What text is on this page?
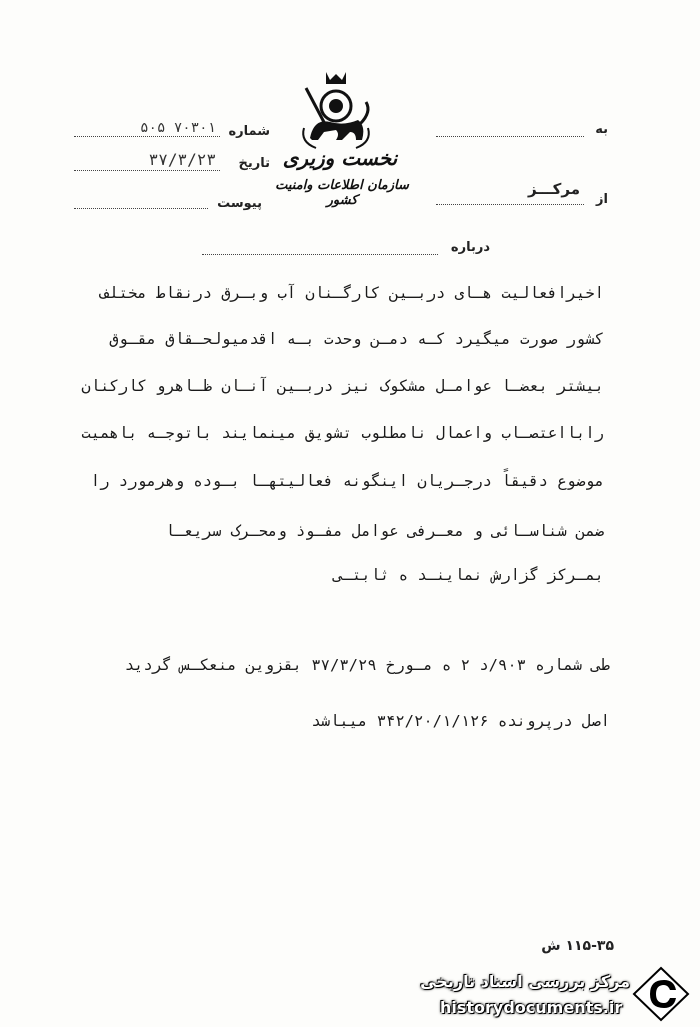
نخست وزیری
سازمان اطلاعات وامنیت کشور
به
از
مرکـــز
شماره
۷۰۳۰۱ ۵۰۵
تاریخ
۳۷/۳/۲۳
پیوست
درباره
اخیرافعالیت هـای دربـین کارگـنان آب وبـرق درنقاط مختلف
کشور صورت میگیرد کـه دمـن وحدت بـه اقدمیولحـقاق مقـوق
بیشتر بعضـا عوامـل مشکوک نیز دربـین آنـان ظـاهرو کارکنان
رابااعتصـاب واعمال نامطلوب تشویق مینمایند باتوجـه باهمیت
موضوع دقیقاً درجـریان اینگونه فعالیتهـا بـوده وهرمورد را
ضمن شناسـائی و معـرفی عوامل مفـوذ ومحـرک سریعـا
بمـرکز گزارش نماینـد ه ثابتـی
طی شماره ۹۰۳/د ۲ ه مـورخ ۳۷/۳/۲۹ بقزوین منعکـس گردید
اصل درپرونده ۳۴۲/۲۰/۱/۱۲۶ میباشد
۱۱۵-۳۵ ش
مرکز بررسی اسناد تاریخی
historydocuments.ir
